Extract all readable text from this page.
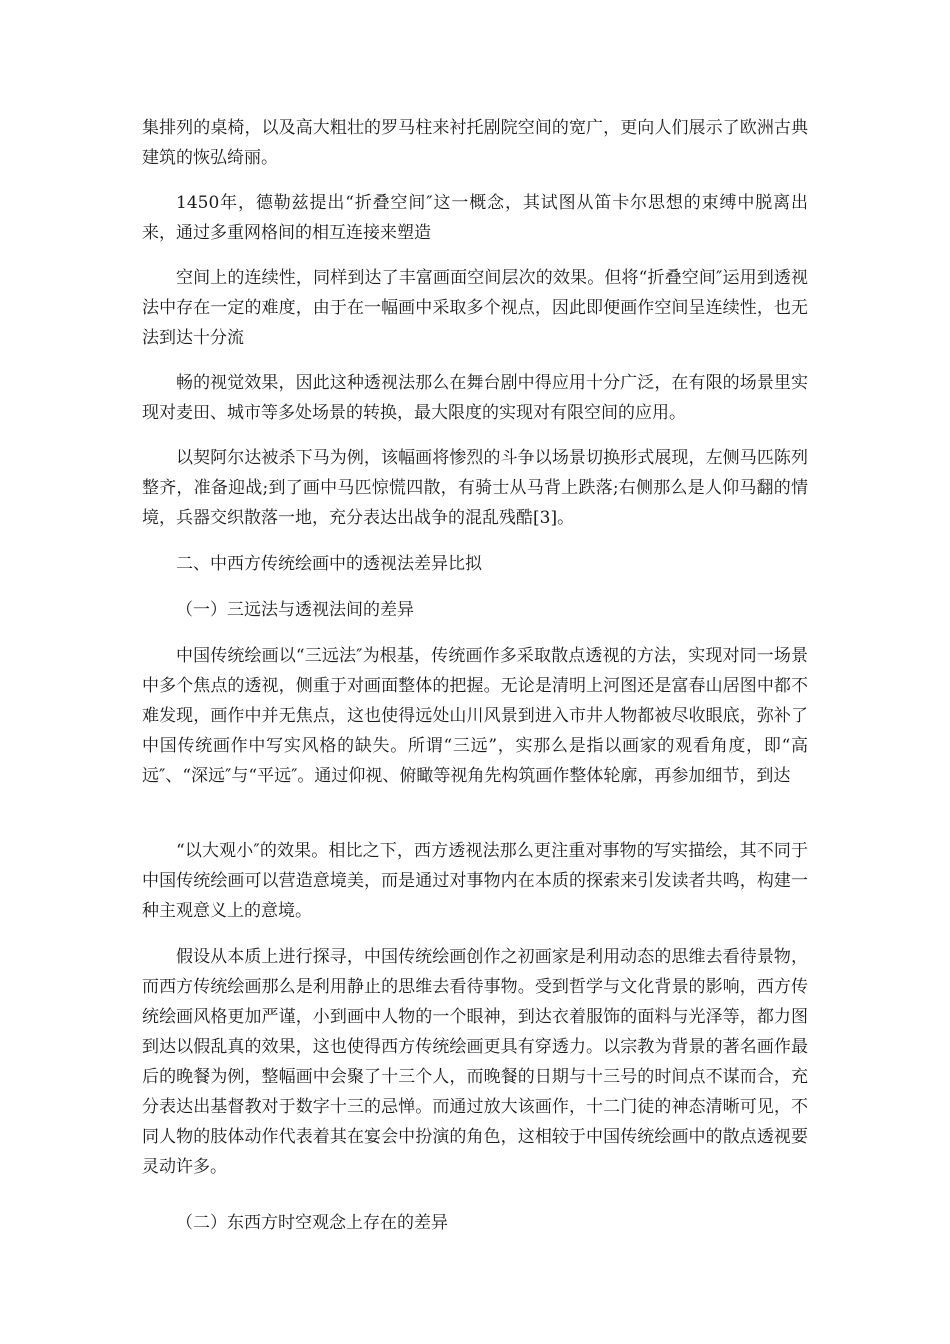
集排列的桌椅，以及高大粗壮的罗马柱来衬托剧院空间的宽广，更向人们展示了欧洲古典建筑的恢弘绮丽。

1450年，德勒兹提出“折叠空间″这一概念，其试图从笛卡尔思想的束缚中脱离出来，通过多重网格间的相互连接来塑造

空间上的连续性，同样到达了丰富画面空间层次的效果。但将“折叠空间″运用到透视法中存在一定的难度，由于在一幅画中采取多个视点，因此即便画作空间呈连续性，也无法到达十分流

畅的视觉效果，因此这种透视法那么在舞台剧中得应用十分广泛，在有限的场景里实现对麦田、城市等多处场景的转换，最大限度的实现对有限空间的应用。

以契阿尔达被杀下马为例，该幅画将惨烈的斗争以场景切换形式展现，左侧马匹陈列整齐，准备迎战;到了画中马匹惊慌四散，有骑士从马背上跌落;右侧那么是人仰马翻的情境，兵器交织散落一地，充分表达出战争的混乱残酷[3]。

二、中西方传统绘画中的透视法差异比拟

（一）三远法与透视法间的差异

中国传统绘画以“三远法″为根基，传统画作多采取散点透视的方法，实现对同一场景中多个焦点的透视，侧重于对画面整体的把握。无论是清明上河图还是富春山居图中都不难发现，画作中并无焦点，这也使得远处山川风景到进入市井人物都被尽收眼底，弥补了中国传统画作中写实风格的缺失。所谓“三远”，实那么是指以画家的观看角度，即“高远″、“深远″与“平远″。通过仰视、俯瞰等视角先构筑画作整体轮廓，再参加细节，到达

“以大观小″的效果。相比之下，西方透视法那么更注重对事物的写实描绘，其不同于中国传统绘画可以营造意境美，而是通过对事物内在本质的探索来引发读者共鸣，构建一种主观意义上的意境。

假设从本质上进行探寻，中国传统绘画创作之初画家是利用动态的思维去看待景物，而西方传统绘画那么是利用静止的思维去看待事物。受到哲学与文化背景的影响，西方传统绘画风格更加严谨，小到画中人物的一个眼神，到达衣着服饰的面料与光泽等，都力图到达以假乱真的效果，这也使得西方传统绘画更具有穿透力。以宗教为背景的著名画作最后的晚餐为例，整幅画中会聚了十三个人，而晚餐的日期与十三号的时间点不谋而合，充分表达出基督教对于数字十三的忌惮。而通过放大该画作，十二门徒的神态清晰可见，不同人物的肢体动作代表着其在宴会中扮演的角色，这相较于中国传统绘画中的散点透视要灵动许多。

（二）东西方时空观念上存在的差异
